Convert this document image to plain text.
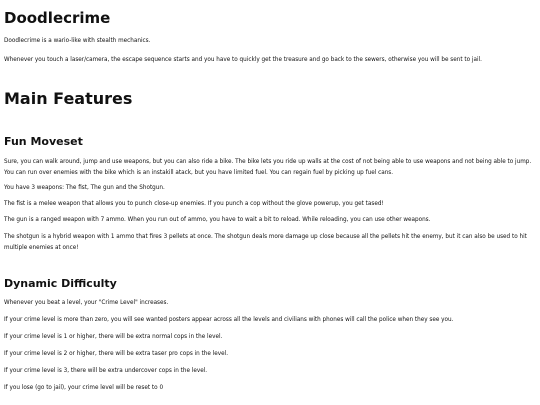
Doodlecrime

Doodlecrime is a wario-like with stealth mechanics.

Whenever you touch a laser/camera, the escape sequence starts and you have to quickly get the treasure and go back to the sewers, otherwise you will be sent to jail.

Main Features
Fun Moveset

Sure, you can walk around, jump and use weapons, but you can also ride a bike. The bike lets you ride up walls at the cost of not being able to use weapons and not being able to jump. You can run over enemies with the bike which is an instakill atack, but you have limited fuel. You can regain fuel by picking up fuel cans.

You have 3 weapons: The fist, The gun and the Shotgun.

The fist is a melee weapon that allows you to punch close-up enemies. If you punch a cop without the glove powerup, you get tased!

The gun is a ranged weapon with 7 ammo. When you run out of ammo, you have to wait a bit to reload. While reloading, you can use other weapons.

The shotgun is a hybrid weapon with 1 ammo that fires 3 pellets at once. The shotgun deals more damage up close because all the pellets hit the enemy, but it can also be used to hit multiple enemies at once!

Dynamic Difficulty

Whenever you beat a level, your "Crime Level" increases.

If your crime level is more than zero, you will see wanted posters appear across all the levels and civilians with phones will call the police when they see you.

If your crime level is 1 or higher, there will be extra normal cops in the level.

If your crime level is 2 or higher, there will be extra taser pro cops in the level.

If your crime level is 3, there will be extra undercover cops in the level.

If you lose (go to jail), your crime level will be reset to 0
